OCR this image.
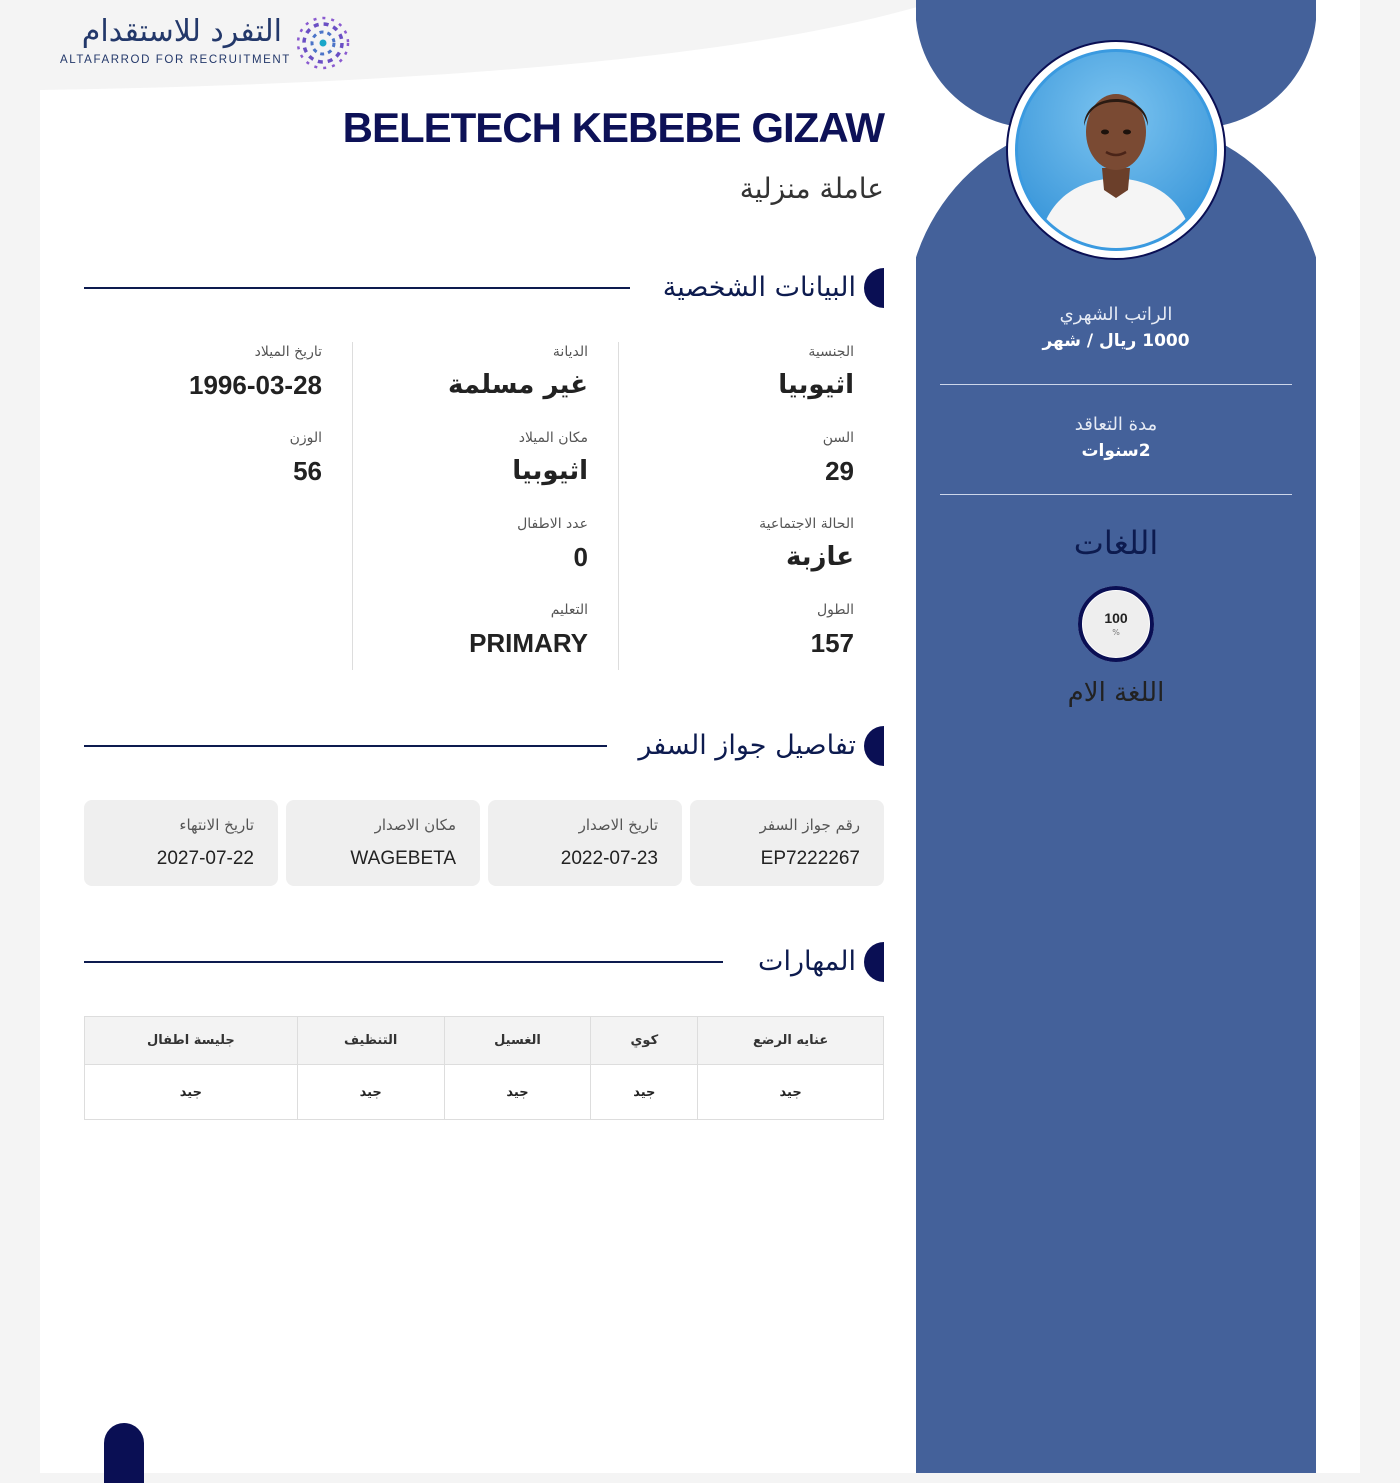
التفرد للاستقدام
ALTAFARROD FOR RECRUITMENT
الراتب الشهري
1000 ريال / شهر
مدة التعاقد
2سنوات
اللغات
100
%
اللغة الام
BELETECH KEBEBE GIZAW
عاملة منزلية
البيانات الشخصية
الجنسية
اثيوبيا
السن
29
الحالة الاجتماعية
عازبة
الطول
157
الديانة
غير مسلمة
مكان الميلاد
اثيوبيا
عدد الاطفال
0
التعليم
PRIMARY
تاريخ الميلاد
1996-03-28
الوزن
56
تفاصيل جواز السفر
رقم جواز السفر
EP7222267
تاريخ الاصدار
2022-07-23
مكان الاصدار
WAGEBETA
تاريخ الانتهاء
2027-07-22
المهارات
عنايه الرضع	كوي	الغسيل	التنظيف	جليسة اطفال
جيد	جيد	جيد	جيد	جيد
